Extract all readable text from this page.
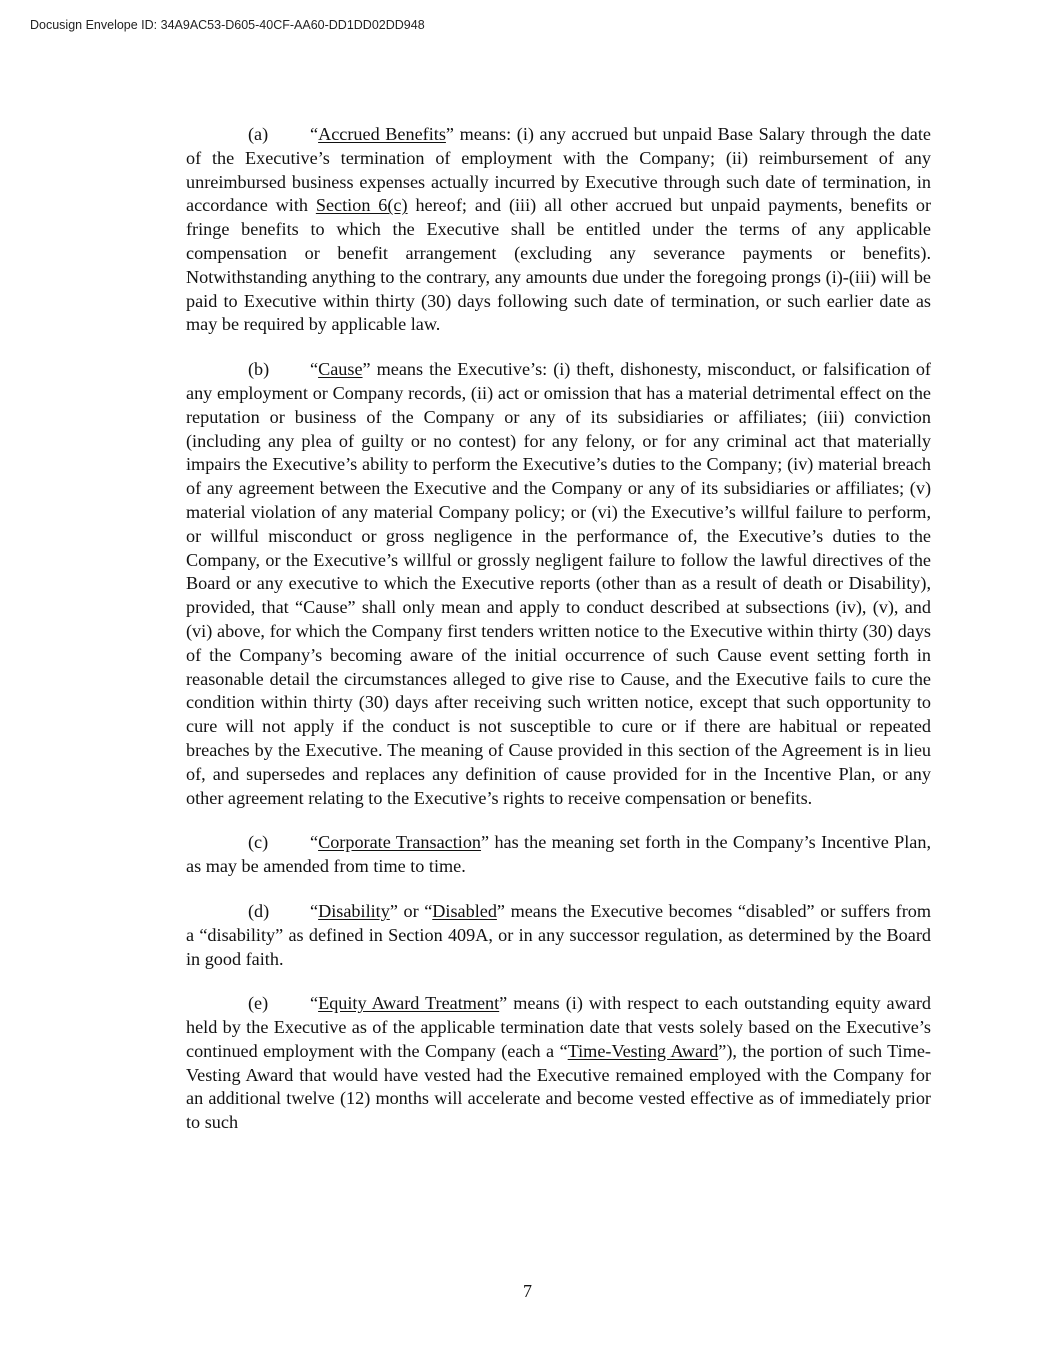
Docusign Envelope ID: 34A9AC53-D605-40CF-AA60-DD1DD02DD948

(a) “Accrued Benefits” means: (i) any accrued but unpaid Base Salary through the date of the Executive’s termination of employment with the Company; (ii) reimbursement of any unreimbursed business expenses actually incurred by Executive through such date of termination, in accordance with Section 6(c) hereof; and (iii) all other accrued but unpaid payments, benefits or fringe benefits to which the Executive shall be entitled under the terms of any applicable compensation or benefit arrangement (excluding any severance payments or benefits). Notwithstanding anything to the contrary, any amounts due under the foregoing prongs (i)-(iii) will be paid to Executive within thirty (30) days following such date of termination, or such earlier date as may be required by applicable law.

(b) “Cause” means the Executive’s: (i) theft, dishonesty, misconduct, or falsification of any employment or Company records, (ii) act or omission that has a material detrimental effect on the reputation or business of the Company or any of its subsidiaries or affiliates; (iii) conviction (including any plea of guilty or no contest) for any felony, or for any criminal act that materially impairs the Executive’s ability to perform the Executive’s duties to the Company; (iv) material breach of any agreement between the Executive and the Company or any of its subsidiaries or affiliates; (v) material violation of any material Company policy; or (vi) the Executive’s willful failure to perform, or willful misconduct or gross negligence in the performance of, the Executive’s duties to the Company, or the Executive’s willful or grossly negligent failure to follow the lawful directives of the Board or any executive to which the Executive reports (other than as a result of death or Disability), provided, that “Cause” shall only mean and apply to conduct described at subsections (iv), (v), and (vi) above, for which the Company first tenders written notice to the Executive within thirty (30) days of the Company’s becoming aware of the initial occurrence of such Cause event setting forth in reasonable detail the circumstances alleged to give rise to Cause, and the Executive fails to cure the condition within thirty (30) days after receiving such written notice, except that such opportunity to cure will not apply if the conduct is not susceptible to cure or if there are habitual or repeated breaches by the Executive. The meaning of Cause provided in this section of the Agreement is in lieu of, and supersedes and replaces any definition of cause provided for in the Incentive Plan, or any other agreement relating to the Executive’s rights to receive compensation or benefits.

(c) “Corporate Transaction” has the meaning set forth in the Company’s Incentive Plan, as may be amended from time to time.

(d) “Disability” or “Disabled” means the Executive becomes “disabled” or suffers from a “disability” as defined in Section 409A, or in any successor regulation, as determined by the Board in good faith.

(e) “Equity Award Treatment” means (i) with respect to each outstanding equity award held by the Executive as of the applicable termination date that vests solely based on the Executive’s continued employment with the Company (each a “Time-Vesting Award”), the portion of such Time-Vesting Award that would have vested had the Executive remained employed with the Company for an additional twelve (12) months will accelerate and become vested effective as of immediately prior to such

7
